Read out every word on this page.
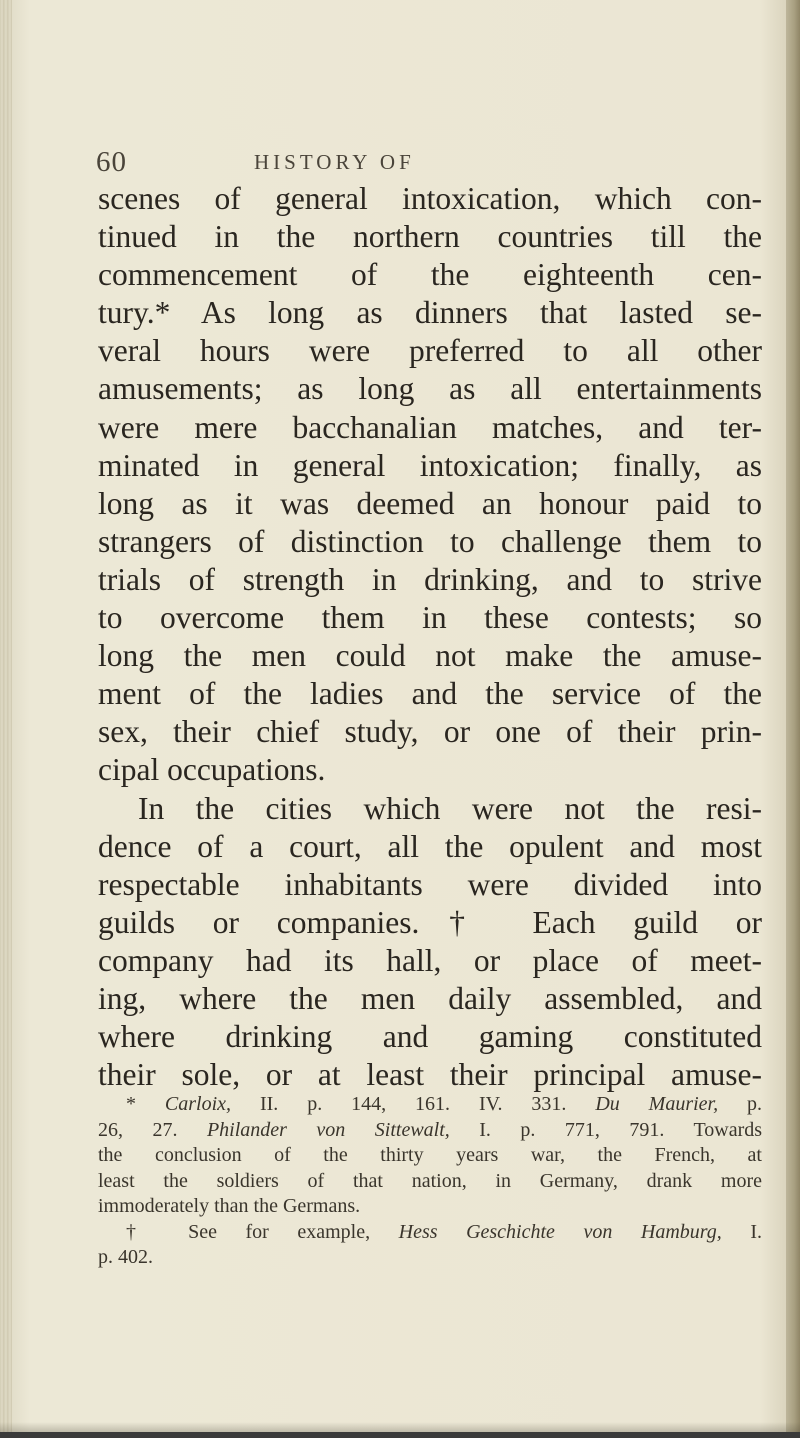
60	HISTORY OF
scenes of general intoxication, which con-
tinued in the northern countries till the
commencement of the eighteenth cen-
tury.* As long as dinners that lasted se-
veral hours were preferred to all other
amusements; as long as all entertainments
were mere bacchanalian matches, and ter-
minated in general intoxication; finally, as
long as it was deemed an honour paid to
strangers of distinction to challenge them to
trials of strength in drinking, and to strive
to overcome them in these contests; so
long the men could not make the amuse-
ment of the ladies and the service of the
sex, their chief study, or one of their prin-
cipal occupations.
In the cities which were not the resi-
dence of a court, all the opulent and most
respectable inhabitants were divided into
guilds or companies.† Each guild or
company had its hall, or place of meet-
ing, where the men daily assembled, and
where drinking and gaming constituted
their sole, or at least their principal amuse-
* Carloix, II. p. 144, 161. IV. 331. Du Maurier, p.
26, 27. Philander von Sittewalt, I. p. 771, 791. Towards
the conclusion of the thirty years war, the French, at
least the soldiers of that nation, in Germany, drank more
immoderately than the Germans.
† See for example, Hess Geschichte von Hamburg, I.
p. 402.
